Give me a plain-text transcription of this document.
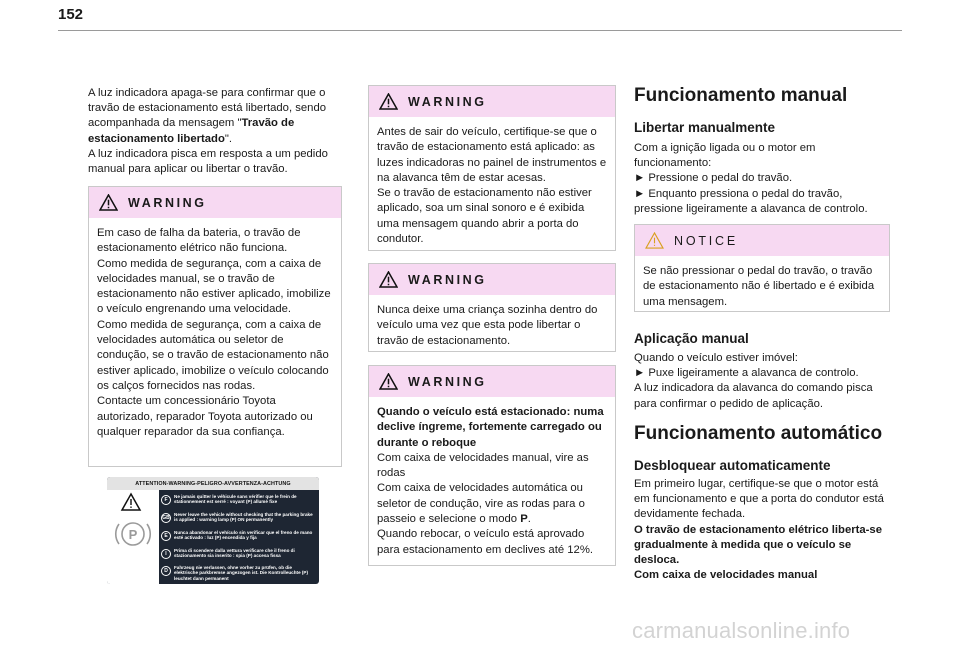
152

A luz indicadora apaga-se para confirmar que o travão de estacionamento está libertado, sendo acompanhada da mensagem "Travão de estacionamento libertado".
A luz indicadora pisca em resposta a um pedido manual para aplicar ou libertar o travão.

WARNING
Em caso de falha da bateria, o travão de estacionamento elétrico não funciona.
Como medida de segurança, com a caixa de velocidades manual, se o travão de estacionamento não estiver aplicado, imobilize o veículo engrenando uma velocidade.
Como medida de segurança, com a caixa de velocidades automática ou seletor de condução, se o travão de estacionamento não estiver aplicado, imobilize o veículo colocando os calços fornecidos nas rodas.
Contacte um concessionário Toyota autorizado, reparador Toyota autorizado ou qualquer reparador da sua confiança.
ATTENTION-WARNING-PELIGRO-AVVERTENZA-ACHTUNG
P
F
Ne jamais quitter le véhicule sans vérifier que le frein de stationnement est serré : voyant (P) allumé fixe
GB
Never leave the vehicle without checking that the parking brake is applied : warning lamp (P) ON permanently
E
Nunca abandonar el vehículo sin verificar que el freno de mano esté activado : luz (P) encendida y fija
I
Prima di scendere dalla vettura verificare che il freno di stazionamento sia inserito : spia (P) accesa fissa
D
Fahrzeug nie verlassen, ohne vorher zu prüfen, ob die elektrische parkbremse angezogen ist. Die Kontrolleuchte (P) leuchtet dann permanent
WARNING
Antes de sair do veículo, certifique-se que o travão de estacionamento está aplicado: as luzes indicadoras no painel de instrumentos e na alavanca têm de estar acesas.
Se o travão de estacionamento não estiver aplicado, soa um sinal sonoro e é exibida uma mensagem quando abrir a porta do condutor.
WARNING
Nunca deixe uma criança sozinha dentro do veículo uma vez que esta pode libertar o travão de estacionamento.
WARNING
Quando o veículo está estacionado: numa declive íngreme, fortemente carregado ou durante o reboque
Com caixa de velocidades manual, vire as rodas
Com caixa de velocidades automática ou seletor de condução, vire as rodas para o passeio e selecione o modo P.
Quando rebocar, o veículo está aprovado para estacionamento em declives até 12%.
Funcionamento manual
Libertar manualmente

Com a ignição ligada ou o motor em funcionamento:
► Pressione o pedal do travão.
► Enquanto pressiona o pedal do travão, pressione ligeiramente a alavanca de controlo.

NOTICE
Se não pressionar o pedal do travão, o travão de estacionamento não é libertado e é exibida uma mensagem.
Aplicação manual

Quando o veículo estiver imóvel:
► Puxe ligeiramente a alavanca de controlo.
A luz indicadora da alavanca do comando pisca para confirmar o pedido de aplicação.

Funcionamento automático
Desbloquear automaticamente

Em primeiro lugar, certifique-se que o motor está em funcionamento e que a porta do condutor está devidamente fechada.
O travão de estacionamento elétrico liberta-se gradualmente à medida que o veículo se desloca.
Com caixa de velocidades manual

carmanualsonline.info
